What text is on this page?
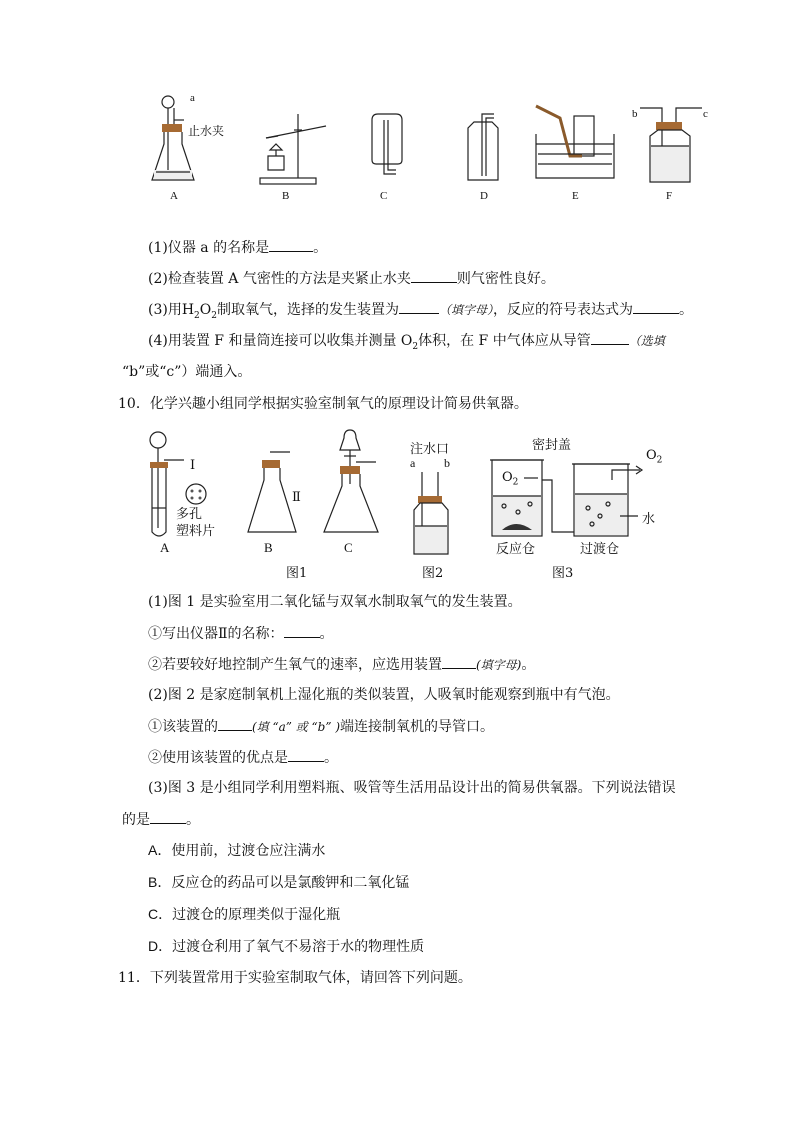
a
止水夹
A	B	C	D	E
b	c
F
(1)仪器 a 的名称是	。
(2)检查装置 A 气密性的方法是夹紧止水夹	则气密性良好。
(3)用$H_2O_2$制取氧气，选择的发生装置为	（填字母），反应的符号表达式为	。
(4)用装置 F 和量筒连接可以收集并测量 $O_2$体积，在 F 中气体应从导管	（选填
“b”或“c”）端通入。
10．化学兴趣小组同学根据实验室制氧气的原理设计简易供氧器。
I
多孔
塑料片
A
Ⅱ
B	C
图1
注水口
a b
图2
密封盖
$O_2$
$O_2$
水
反应仓	过渡仓
图3
(1)图 1 是实验室用二氧化锰与双氧水制取氧气的发生装置。
①写出仪器Ⅱ的名称：	。
②若要较好地控制产生氧气的速率，应选用装置	(填字母)。
(2)图 2 是家庭制氧机上湿化瓶的类似装置，人吸氧时能观察到瓶中有气泡。
①该装置的	(填 “a” 或 “b” )端连接制氧机的导管口。
②使用该装置的优点是	。
(3)图 3 是小组同学利用塑料瓶、吸管等生活用品设计出的简易供氧器。下列说法错误
的是	。
A．使用前，过渡仓应注满水
B．反应仓的药品可以是氯酸钾和二氧化锰
C．过渡仓的原理类似于湿化瓶
D．过渡仓利用了氧气不易溶于水的物理性质
11．下列装置常用于实验室制取气体，请回答下列问题。
